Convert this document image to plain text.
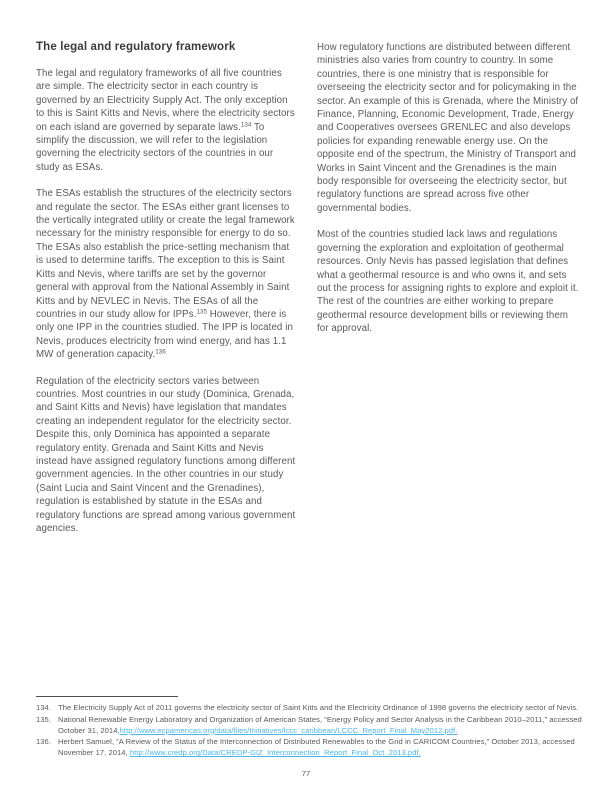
The legal and regulatory framework

The legal and regulatory frameworks of all five countries are simple. The electricity sector in each country is governed by an Electricity Supply Act. The only exception to this is Saint Kitts and Nevis, where the electricity sectors on each island are governed by separate laws.$^{134}$ To simplify the discussion, we will refer to the legislation governing the electricity sectors of the countries in our study as ESAs.

The ESAs establish the structures of the electricity sectors and regulate the sector. The ESAs either grant licenses to the vertically integrated utility or create the legal framework necessary for the ministry responsible for energy to do so. The ESAs also establish the price-setting mechanism that is used to determine tariffs. The exception to this is Saint Kitts and Nevis, where tariffs are set by the governor general with approval from the National Assembly in Saint Kitts and by NEVLEC in Nevis. The ESAs of all the countries in our study allow for IPPs.$^{135}$ However, there is only one IPP in the countries studied. The IPP is located in Nevis, produces electricity from wind energy, and has 1.1 MW of generation capacity.$^{136}$

Regulation of the electricity sectors varies between countries. Most countries in our study (Dominica, Grenada, and Saint Kitts and Nevis) have legislation that mandates creating an independent regulator for the electricity sector. Despite this, only Dominica has appointed a separate regulatory entity. Grenada and Saint Kitts and Nevis instead have assigned regulatory functions among different government agencies. In the other countries in our study (Saint Lucia and Saint Vincent and the Grenadines), regulation is established by statute in the ESAs and regulatory functions are spread among various government agencies.

How regulatory functions are distributed between different ministries also varies from country to country. In some countries, there is one ministry that is responsible for overseeing the electricity sector and for policymaking in the sector. An example of this is Grenada, where the Ministry of Finance, Planning, Economic Development, Trade, Energy and Cooperatives oversees GRENLEC and also develops policies for expanding renewable energy use. On the opposite end of the spectrum, the Ministry of Transport and Works in Saint Vincent and the Grenadines is the main body responsible for overseeing the electricity sector, but regulatory functions are spread across five other governmental bodies.

Most of the countries studied lack laws and regulations governing the exploration and exploitation of geothermal resources. Only Nevis has passed legislation that defines what a geothermal resource is and who owns it, and sets out the process for assigning rights to explore and exploit it. The rest of the countries are either working to prepare geothermal resource development bills or reviewing them for approval.

134. The Electricity Supply Act of 2011 governs the electricity sector of Saint Kitts and the Electricity Ordinance of 1998 governs the electricity sector of Nevis.
135. National Renewable Energy Laboratory and Organization of American States, “Energy Policy and Sector Analysis in the Caribbean 2010–2011,” accessed October 31, 2014,http://www.ecpamericas.org/data/files/Initiatives/lccc_caribbean/LCCC_Report_Final_May2012.pdf.
136. Herbert Samuel, “A Review of the Status of the Interconnection of Distributed Renewables to the Grid in CARICOM Countries,” October 2013, accessed November 17, 2014, http://www.credp.org/Data/CREDP-GIZ_Interconnection_Report_Final_Oct_2013.pdf.
77
